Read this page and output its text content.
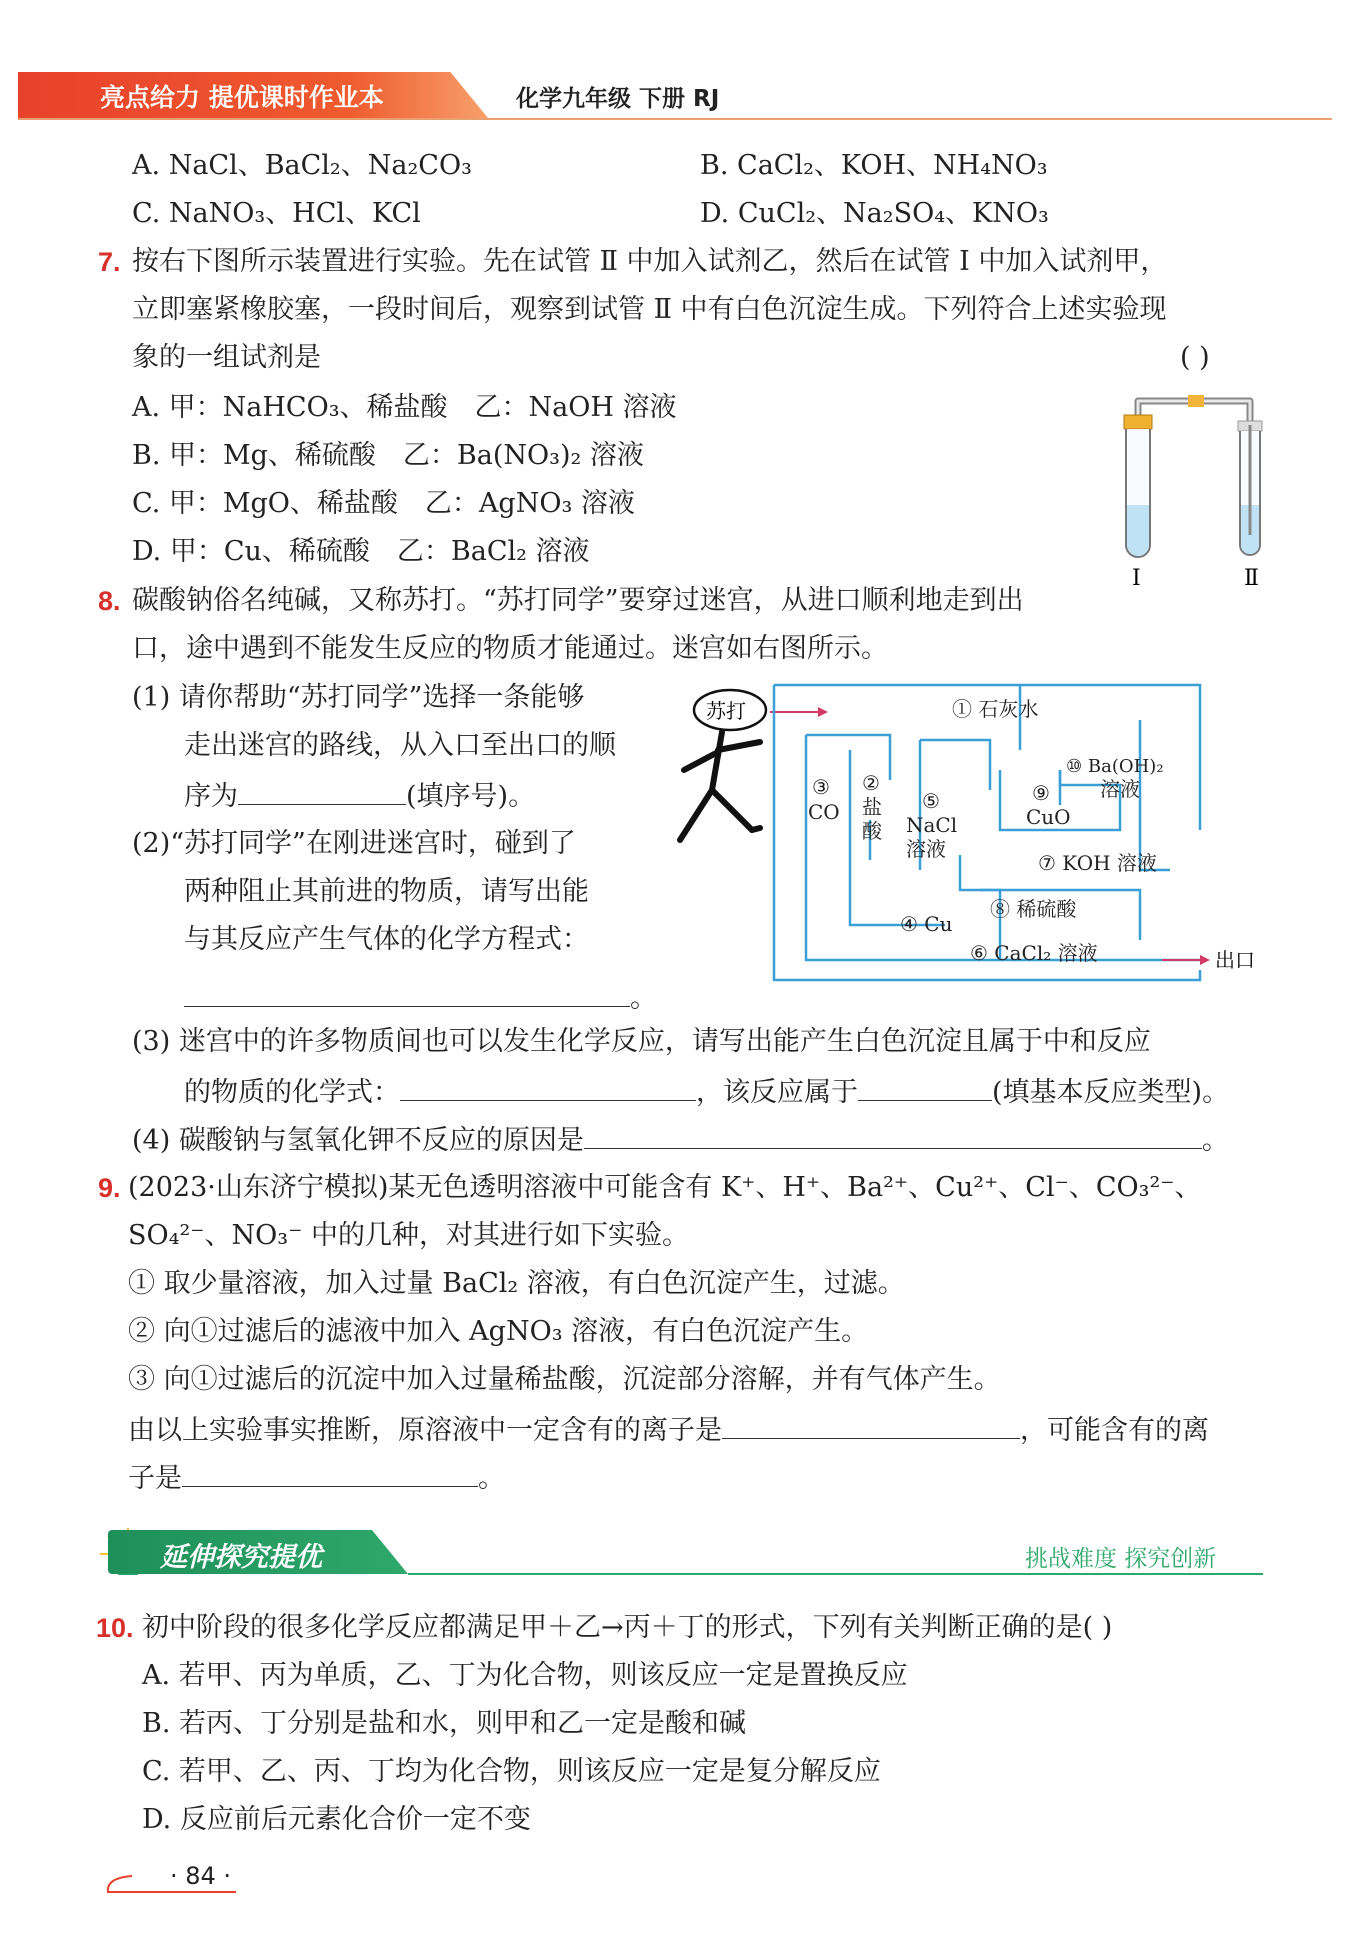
亮点给力 提优课时作业本	化学九年级 下册 RJ
A. NaCl、BaCl₂、Na₂CO₃	B. CaCl₂、KOH、NH₄NO₃
C. NaNO₃、HCl、KCl	D. CuCl₂、Na₂SO₄、KNO₃
7. 按右下图所示装置进行实验。先在试管 Ⅱ 中加入试剂乙，然后在试管 Ⅰ 中加入试剂甲，
立即塞紧橡胶塞，一段时间后，观察到试管 Ⅱ 中有白色沉淀生成。下列符合上述实验现
象的一组试剂是	( )
A. 甲：NaHCO₃、稀盐酸　乙：NaOH 溶液
B. 甲：Mg、稀硫酸　乙：Ba(NO₃)₂ 溶液
C. 甲：MgO、稀盐酸　乙：AgNO₃ 溶液
D. 甲：Cu、稀硫酸　乙：BaCl₂ 溶液
Ⅰ	Ⅱ
8. 碳酸钠俗名纯碱，又称苏打。“苏打同学”要穿过迷宫，从进口顺利地走到出
口，途中遇到不能发生反应的物质才能通过。迷宫如右图所示。
(1) 请你帮助“苏打同学”选择一条能够
走出迷宫的路线，从入口至出口的顺
序为	(填序号)。
(2)“苏打同学”在刚进迷宫时，碰到了
两种阻止其前进的物质，请写出能
与其反应产生气体的化学方程式：
。
苏打
出口
① 石灰水
③
CO
②
盐
酸
⑤
NaCl
溶液
⑩ Ba(OH)₂
溶液
⑨
CuO
⑦ KOH 溶液
⑧ 稀硫酸
④ Cu
⑥ CaCl₂ 溶液
(3) 迷宫中的许多物质间也可以发生化学反应，请写出能产生白色沉淀且属于中和反应
的物质的化学式：	，该反应属于	(填基本反应类型)。
(4) 碳酸钠与氢氧化钾不反应的原因是	。
9. (2023·山东济宁模拟)某无色透明溶液中可能含有 K⁺、H⁺、Ba²⁺、Cu²⁺、Cl⁻、CO₃²⁻、
SO₄²⁻、NO₃⁻ 中的几种，对其进行如下实验。
① 取少量溶液，加入过量 BaCl₂ 溶液，有白色沉淀产生，过滤。
② 向①过滤后的滤液中加入 AgNO₃ 溶液，有白色沉淀产生。
③ 向①过滤后的沉淀中加入过量稀盐酸，沉淀部分溶解，并有气体产生。
由以上实验事实推断，原溶液中一定含有的离子是	，可能含有的离
子是	。
延伸探究提优	挑战难度 探究创新
10. 初中阶段的很多化学反应都满足甲＋乙→丙＋丁的形式，下列有关判断正确的是( )
A. 若甲、丙为单质，乙、丁为化合物，则该反应一定是置换反应
B. 若丙、丁分别是盐和水，则甲和乙一定是酸和碱
C. 若甲、乙、丙、丁均为化合物，则该反应一定是复分解反应
D. 反应前后元素化合价一定不变
· 84 ·
